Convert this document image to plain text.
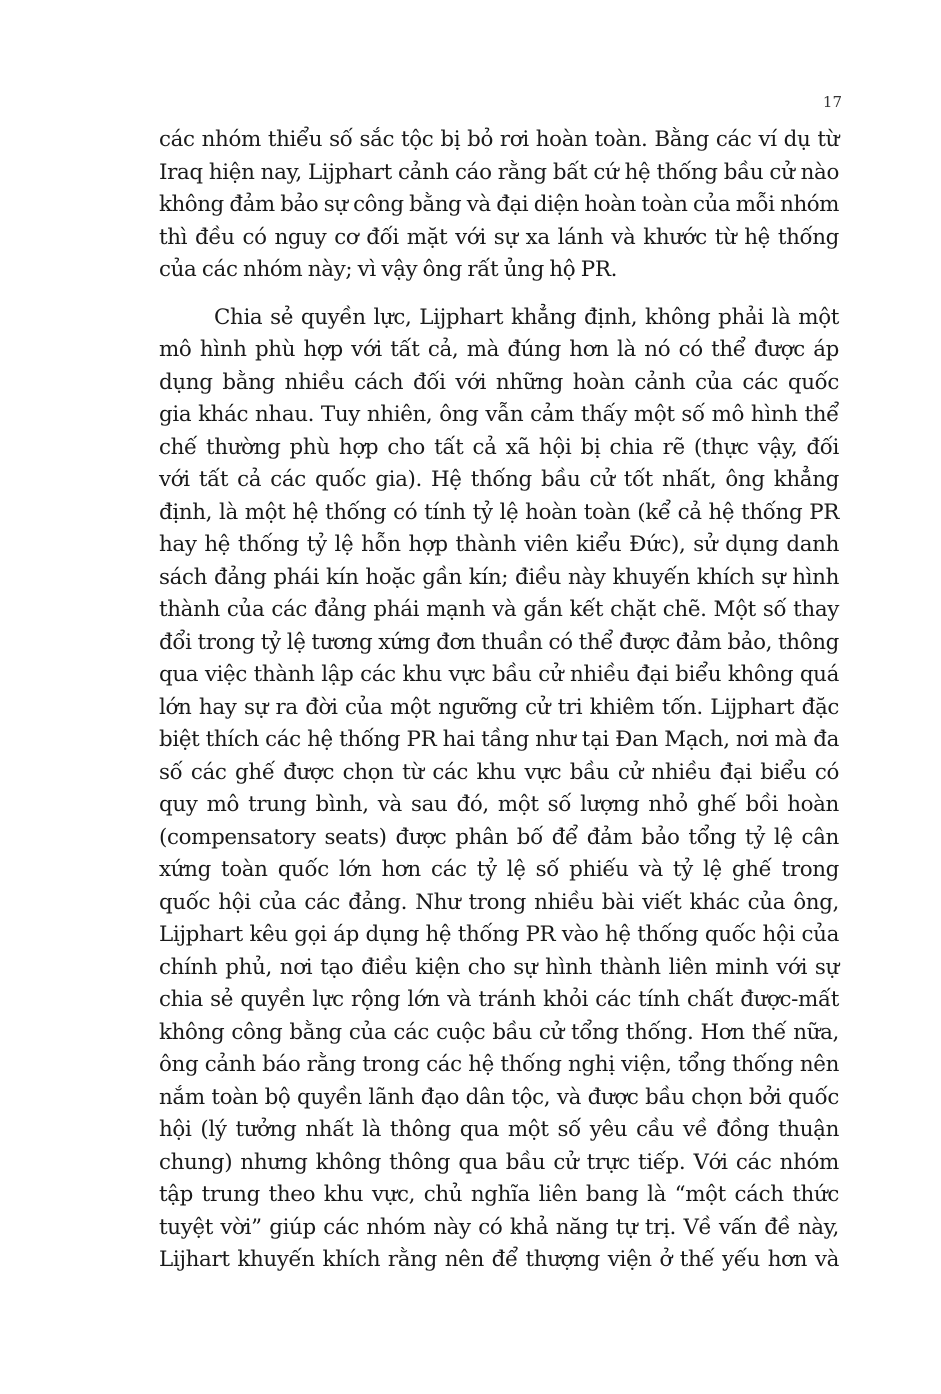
17

các nhóm thiểu số sắc tộc bị bỏ rơi hoàn toàn. Bằng các ví dụ từ
Iraq hiện nay, Lijphart cảnh cáo rằng bất cứ hệ thống bầu cử nào
không đảm bảo sự công bằng và đại diện hoàn toàn của mỗi nhóm
thì đều có nguy cơ đối mặt với sự xa lánh và khước từ hệ thống
của các nhóm này; vì vậy ông rất ủng hộ PR.

Chia sẻ quyền lực, Lijphart khẳng định, không phải là một
mô hình phù hợp với tất cả, mà đúng hơn là nó có thể được áp
dụng bằng nhiều cách đối với những hoàn cảnh của các quốc
gia khác nhau. Tuy nhiên, ông vẫn cảm thấy một số mô hình thể
chế thường phù hợp cho tất cả xã hội bị chia rẽ (thực vậy, đối
với tất cả các quốc gia). Hệ thống bầu cử tốt nhất, ông khẳng
định, là một hệ thống có tính tỷ lệ hoàn toàn (kể cả hệ thống PR
hay hệ thống tỷ lệ hỗn hợp thành viên kiểu Đức), sử dụng danh
sách đảng phái kín hoặc gần kín; điều này khuyến khích sự hình
thành của các đảng phái mạnh và gắn kết chặt chẽ. Một số thay
đổi trong tỷ lệ tương xứng đơn thuần có thể được đảm bảo, thông
qua việc thành lập các khu vực bầu cử nhiều đại biểu không quá
lớn hay sự ra đời của một ngưỡng cử tri khiêm tốn. Lijphart đặc
biệt thích các hệ thống PR hai tầng như tại Đan Mạch, nơi mà đa
số các ghế được chọn từ các khu vực bầu cử nhiều đại biểu có
quy mô trung bình, và sau đó, một số lượng nhỏ ghế bồi hoàn
(compensatory seats) được phân bố để đảm bảo tổng tỷ lệ cân
xứng toàn quốc lớn hơn các tỷ lệ số phiếu và tỷ lệ ghế trong
quốc hội của các đảng. Như trong nhiều bài viết khác của ông,
Lijphart kêu gọi áp dụng hệ thống PR vào hệ thống quốc hội của
chính phủ, nơi tạo điều kiện cho sự hình thành liên minh với sự
chia sẻ quyền lực rộng lớn và tránh khỏi các tính chất được-mất
không công bằng của các cuộc bầu cử tổng thống. Hơn thế nữa,
ông cảnh báo rằng trong các hệ thống nghị viện, tổng thống nên
nắm toàn bộ quyền lãnh đạo dân tộc, và được bầu chọn bởi quốc
hội (lý tưởng nhất là thông qua một số yêu cầu về đồng thuận
chung) nhưng không thông qua bầu cử trực tiếp. Với các nhóm
tập trung theo khu vực, chủ nghĩa liên bang là “một cách thức
tuyệt vời” giúp các nhóm này có khả năng tự trị. Về vấn đề này,
Lijhart khuyến khích rằng nên để thượng viện ở thế yếu hơn và
